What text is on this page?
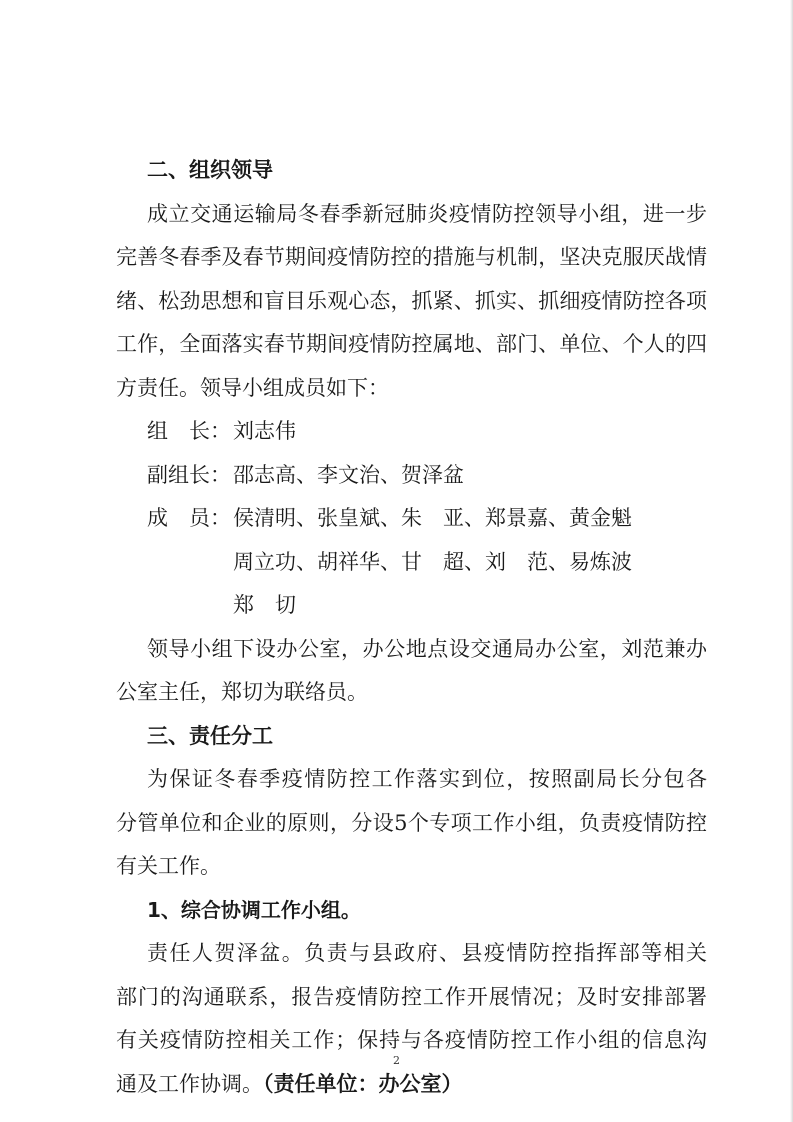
二、组织领导
成立交通运输局冬春季新冠肺炎疫情防控领导小组，进一步
完善冬春季及春节期间疫情防控的措施与机制，坚决克服厌战情
绪、松劲思想和盲目乐观心态，抓紧、抓实、抓细疫情防控各项
工作，全面落实春节期间疫情防控属地、部门、单位、个人的四
方责任。领导小组成员如下：
组　长： 刘志伟
副组长： 邵志高、李文治、贺泽盆
成　员： 侯清明、张皇斌、朱　亚、郑景嘉、黄金魁
周立功、胡祥华、甘　超、刘　范、易炼波
郑　切
领导小组下设办公室，办公地点设交通局办公室，刘范兼办
公室主任，郑切为联络员。
三、责任分工
为保证冬春季疫情防控工作落实到位，按照副局长分包各
分管单位和企业的原则，分设5个专项工作小组，负责疫情防控
有关工作。
1、综合协调工作小组。
责任人贺泽盆。负责与县政府、县疫情防控指挥部等相关
部门的沟通联系，报告疫情防控工作开展情况；及时安排部署
有关疫情防控相关工作；保持与各疫情防控工作小组的信息沟
通及工作协调。（责任单位：办公室）
2
